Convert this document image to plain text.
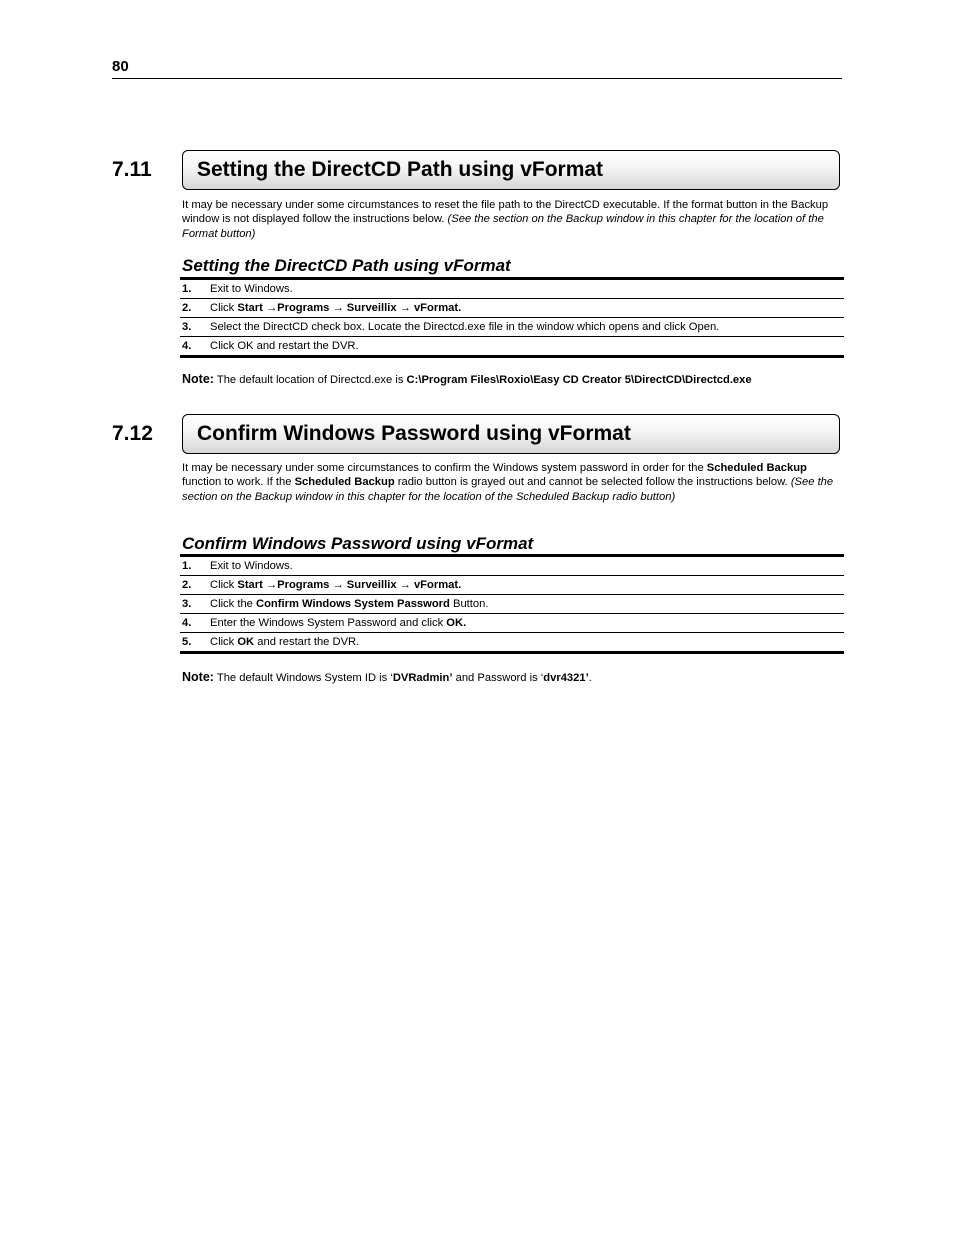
80
7.11 Setting the DirectCD Path using vFormat
It may be necessary under some circumstances to reset the file path to the DirectCD executable. If the format button in the Backup window is not displayed follow the instructions below. (See the section on the Backup window in this chapter for the location of the Format button)
Setting the DirectCD Path using vFormat
1.	Exit to Windows.
2.	Click Start →Programs → Surveillix → vFormat.
3.	Select the DirectCD check box. Locate the Directcd.exe file in the window which opens and click Open.
4.	Click OK and restart the DVR.
Note: The default location of Directcd.exe is C:\Program Files\Roxio\Easy CD Creator 5\DirectCD\Directcd.exe
7.12 Confirm Windows Password using vFormat
It may be necessary under some circumstances to confirm the Windows system password in order for the Scheduled Backup function to work. If the Scheduled Backup radio button is grayed out and cannot be selected follow the instructions below. (See the section on the Backup window in this chapter for the location of the Scheduled Backup radio button)
Confirm Windows Password using vFormat
1.	Exit to Windows.
2.	Click Start →Programs → Surveillix → vFormat.
3.	Click the Confirm Windows System Password Button.
4.	Enter the Windows System Password and click OK.
5.	Click OK and restart the DVR.
Note: The default Windows System ID is ‘DVRadmin’ and Password is ‘dvr4321’.
